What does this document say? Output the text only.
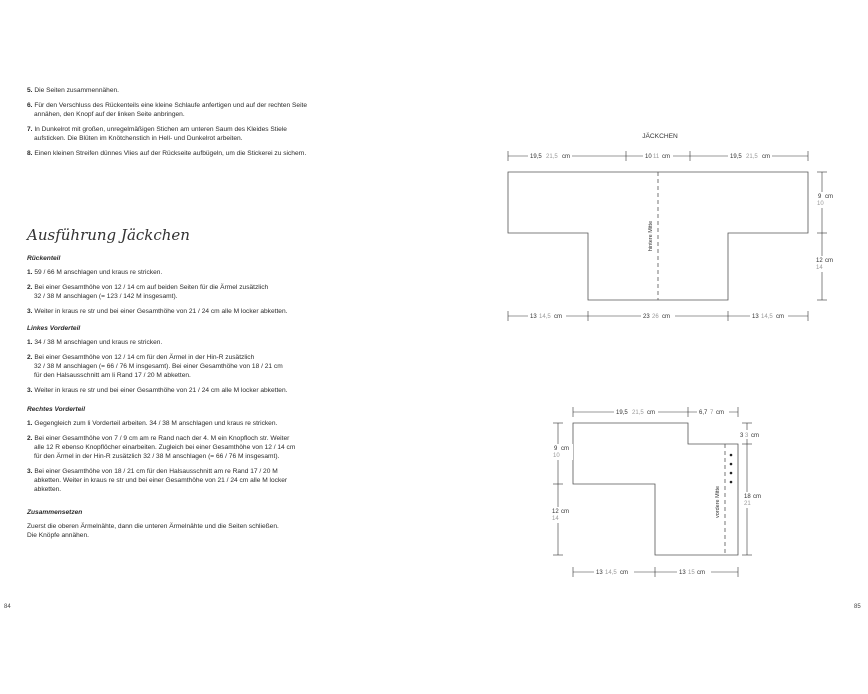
5. Die Seiten zusammennähen.
6. Für den Verschluss des Rückenteils eine kleine Schlaufe anfertigen und auf der rechten Seite
annähen, den Knopf auf der linken Seite anbringen.
7. In Dunkelrot mit großen, unregelmäßigen Stichen am unteren Saum des Kleides Stiele
aufsticken. Die Blüten im Knötchenstich in Hell- und Dunkelrot arbeiten.
8. Einen kleinen Streifen dünnes Vlies auf der Rückseite aufbügeln, um die Stickerei zu sichern.
Ausführung Jäckchen
Rückenteil
1. 59 / 66 M anschlagen und kraus re stricken.
2. Bei einer Gesamthöhe von 12 / 14 cm auf beiden Seiten für die Ärmel zusätzlich
32 / 38 M anschlagen (= 123 / 142 M insgesamt).
3. Weiter in kraus re str und bei einer Gesamthöhe von 21 / 24 cm alle M locker abketten.
Linkes Vorderteil
1. 34 / 38 M anschlagen und kraus re stricken.
2. Bei einer Gesamthöhe von 12 / 14 cm für den Ärmel in der Hin-R zusätzlich
32 / 38 M anschlagen (= 66 / 76 M insgesamt). Bei einer Gesamthöhe von 18 / 21 cm
für den Halsausschnitt am li Rand 17 / 20 M abketten.
3. Weiter in kraus re str und bei einer Gesamthöhe von 21 / 24 cm alle M locker abketten.
Rechtes Vorderteil
1. Gegengleich zum li Vorderteil arbeiten. 34 / 38 M anschlagen und kraus re stricken.
2. Bei einer Gesamthöhe von 7 / 9 cm am re Rand nach der 4. M ein Knopfloch str. Weiter
alle 12 R ebenso Knopflöcher einarbeiten. Zugleich bei einer Gesamthöhe von 12 / 14 cm
für den Ärmel in der Hin-R zusätzlich 32 / 38 M anschlagen (= 66 / 76 M insgesamt).
3. Bei einer Gesamthöhe von 18 / 21 cm für den Halsausschnitt am re Rand 17 / 20 M
abketten. Weiter in kraus re str und bei einer Gesamthöhe von 21 / 24 cm alle M locker
abketten.
Zusammensetzen
Zuerst die oberen Ärmelnähte, dann die unteren Ärmelnähte und die Seiten schließen.
Die Knöpfe annähen.
84	85
JÄCKCHEN
19,5 21,5 cm	10 11 cm	19,5 21,5 cm
hintere Mitte
9 cm
10
12 cm
14
13 14,5 cm	23 26 cm	13 14,5 cm
19,5 21,5 cm	6,7 7 cm
vordere Mitte
9 cm
10
12 cm
14
3 3 cm
18 cm
21
13 14,5 cm	13 15 cm
